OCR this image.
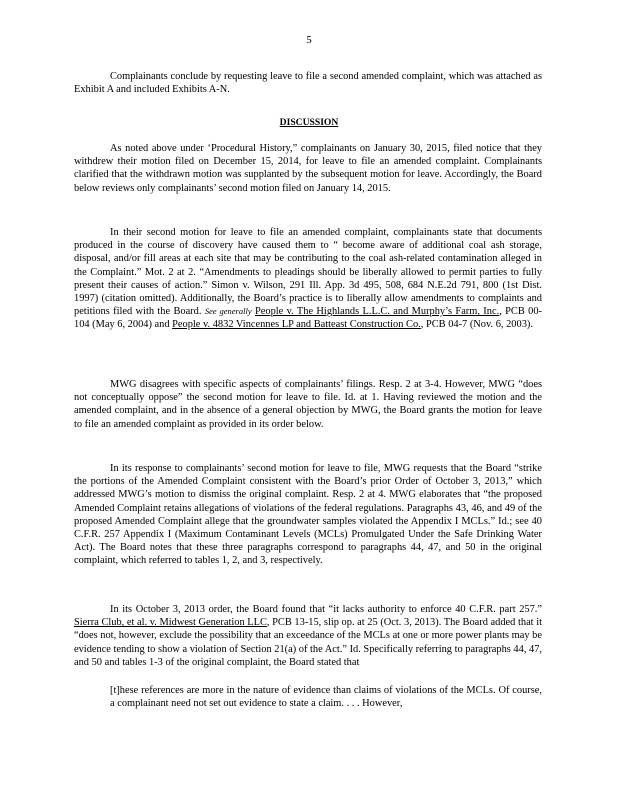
5

Complainants conclude by requesting leave to file a second amended complaint, which was attached as Exhibit A and included Exhibits A-N.

DISCUSSION

As noted above under ‘Procedural History,” complainants on January 30, 2015, filed notice that they withdrew their motion filed on December 15, 2014, for leave to file an amended complaint. Complainants clarified that the withdrawn motion was supplanted by the subsequent motion for leave. Accordingly, the Board below reviews only complainants’ second motion filed on January 14, 2015.

In their second motion for leave to file an amended complaint, complainants state that documents produced in the course of discovery have caused them to “ become aware of additional coal ash storage, disposal, and/or fill areas at each site that may be contributing to the coal ash-related contamination alleged in the Complaint.” Mot. 2 at 2. “Amendments to pleadings should be liberally allowed to permit parties to fully present their causes of action.” Simon v. Wilson, 291 Ill. App. 3d 495, 508, 684 N.E.2d 791, 800 (1st Dist. 1997) (citation omitted). Additionally, the Board’s practice is to liberally allow amendments to complaints and petitions filed with the Board. See generally People v. The Highlands L.L.C. and Murphy’s Farm, Inc., PCB 00-104 (May 6, 2004) and People v. 4832 Vincennes LP and Batteast Construction Co., PCB 04-7 (Nov. 6, 2003).

MWG disagrees with specific aspects of complainants’ filings. Resp. 2 at 3-4. However, MWG “does not conceptually oppose” the second motion for leave to file. Id. at 1. Having reviewed the motion and the amended complaint, and in the absence of a general objection by MWG, the Board grants the motion for leave to file an amended complaint as provided in its order below.

In its response to complainants’ second motion for leave to file, MWG requests that the Board “strike the portions of the Amended Complaint consistent with the Board’s prior Order of October 3, 2013,” which addressed MWG’s motion to dismiss the original complaint. Resp. 2 at 4. MWG elaborates that “the proposed Amended Complaint retains allegations of violations of the federal regulations. Paragraphs 43, 46, and 49 of the proposed Amended Complaint allege that the groundwater samples violated the Appendix I MCLs.” Id.; see 40 C.F.R. 257 Appendix I (Maximum Contaminant Levels (MCLs) Promulgated Under the Safe Drinking Water Act). The Board notes that these three paragraphs correspond to paragraphs 44, 47, and 50 in the original complaint, which referred to tables 1, 2, and 3, respectively.

In its October 3, 2013 order, the Board found that “it lacks authority to enforce 40 C.F.R. part 257.” Sierra Club, et al. v. Midwest Generation LLC, PCB 13-15, slip op. at 25 (Oct. 3, 2013). The Board added that it “does not, however, exclude the possibility that an exceedance of the MCLs at one or more power plants may be evidence tending to show a violation of Section 21(a) of the Act.” Id. Specifically referring to paragraphs 44, 47, and 50 and tables 1-3 of the original complaint, the Board stated that

[t]hese references are more in the nature of evidence than claims of violations of the MCLs. Of course, a complainant need not set out evidence to state a claim. . . . However,
